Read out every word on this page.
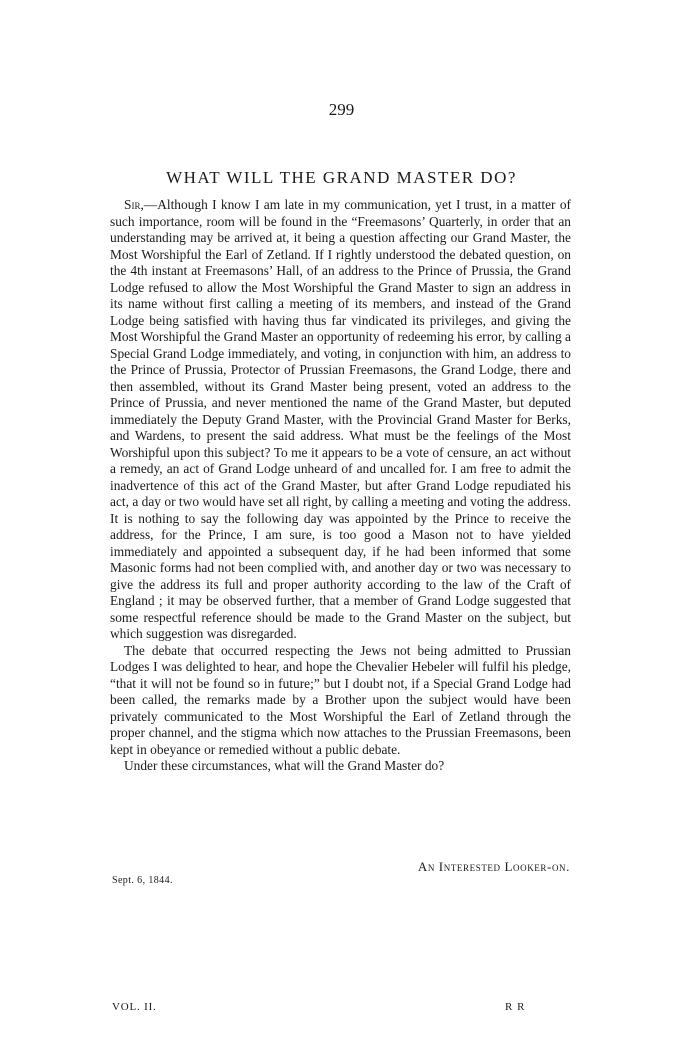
299
WHAT WILL THE GRAND MASTER DO?

Sir,—Although I know I am late in my communication, yet I trust, in a matter of such importance, room will be found in the “Freemasons’ Quarterly, in order that an understanding may be arrived at, it being a question affecting our Grand Master, the Most Worshipful the Earl of Zetland. If I rightly understood the debated question, on the 4th instant at Freemasons’ Hall, of an address to the Prince of Prussia, the Grand Lodge refused to allow the Most Worshipful the Grand Master to sign an address in its name without first calling a meeting of its members, and instead of the Grand Lodge being satisfied with having thus far vindicated its privileges, and giving the Most Worshipful the Grand Master an opportunity of redeeming his error, by calling a Special Grand Lodge immediately, and voting, in conjunction with him, an address to the Prince of Prussia, Protector of Prussian Freemasons, the Grand Lodge, there and then assembled, without its Grand Master being present, voted an address to the Prince of Prussia, and never mentioned the name of the Grand Master, but deputed immediately the Deputy Grand Master, with the Provincial Grand Master for Berks, and Wardens, to present the said address. What must be the feelings of the Most Worshipful upon this subject? To me it appears to be a vote of censure, an act without a remedy, an act of Grand Lodge unheard of and uncalled for. I am free to admit the inadvertence of this act of the Grand Master, but after Grand Lodge repudiated his act, a day or two would have set all right, by calling a meeting and voting the address. It is nothing to say the following day was appointed by the Prince to receive the address, for the Prince, I am sure, is too good a Mason not to have yielded immediately and appointed a subsequent day, if he had been informed that some Masonic forms had not been complied with, and another day or two was necessary to give the address its full and proper authority according to the law of the Craft of England ; it may be observed further, that a member of Grand Lodge suggested that some respectful reference should be made to the Grand Master on the subject, but which suggestion was disregarded.

The debate that occurred respecting the Jews not being admitted to Prussian Lodges I was delighted to hear, and hope the Chevalier Hebeler will fulfil his pledge, “that it will not be found so in future;” but I doubt not, if a Special Grand Lodge had been called, the remarks made by a Brother upon the subject would have been privately communicated to the Most Worshipful the Earl of Zetland through the proper channel, and the stigma which now attaches to the Prussian Freemasons, been kept in obeyance or remedied without a public debate.

Under these circumstances, what will the Grand Master do?

An Interested Looker-on.
Sept. 6, 1844.
VOL. II.	R R
